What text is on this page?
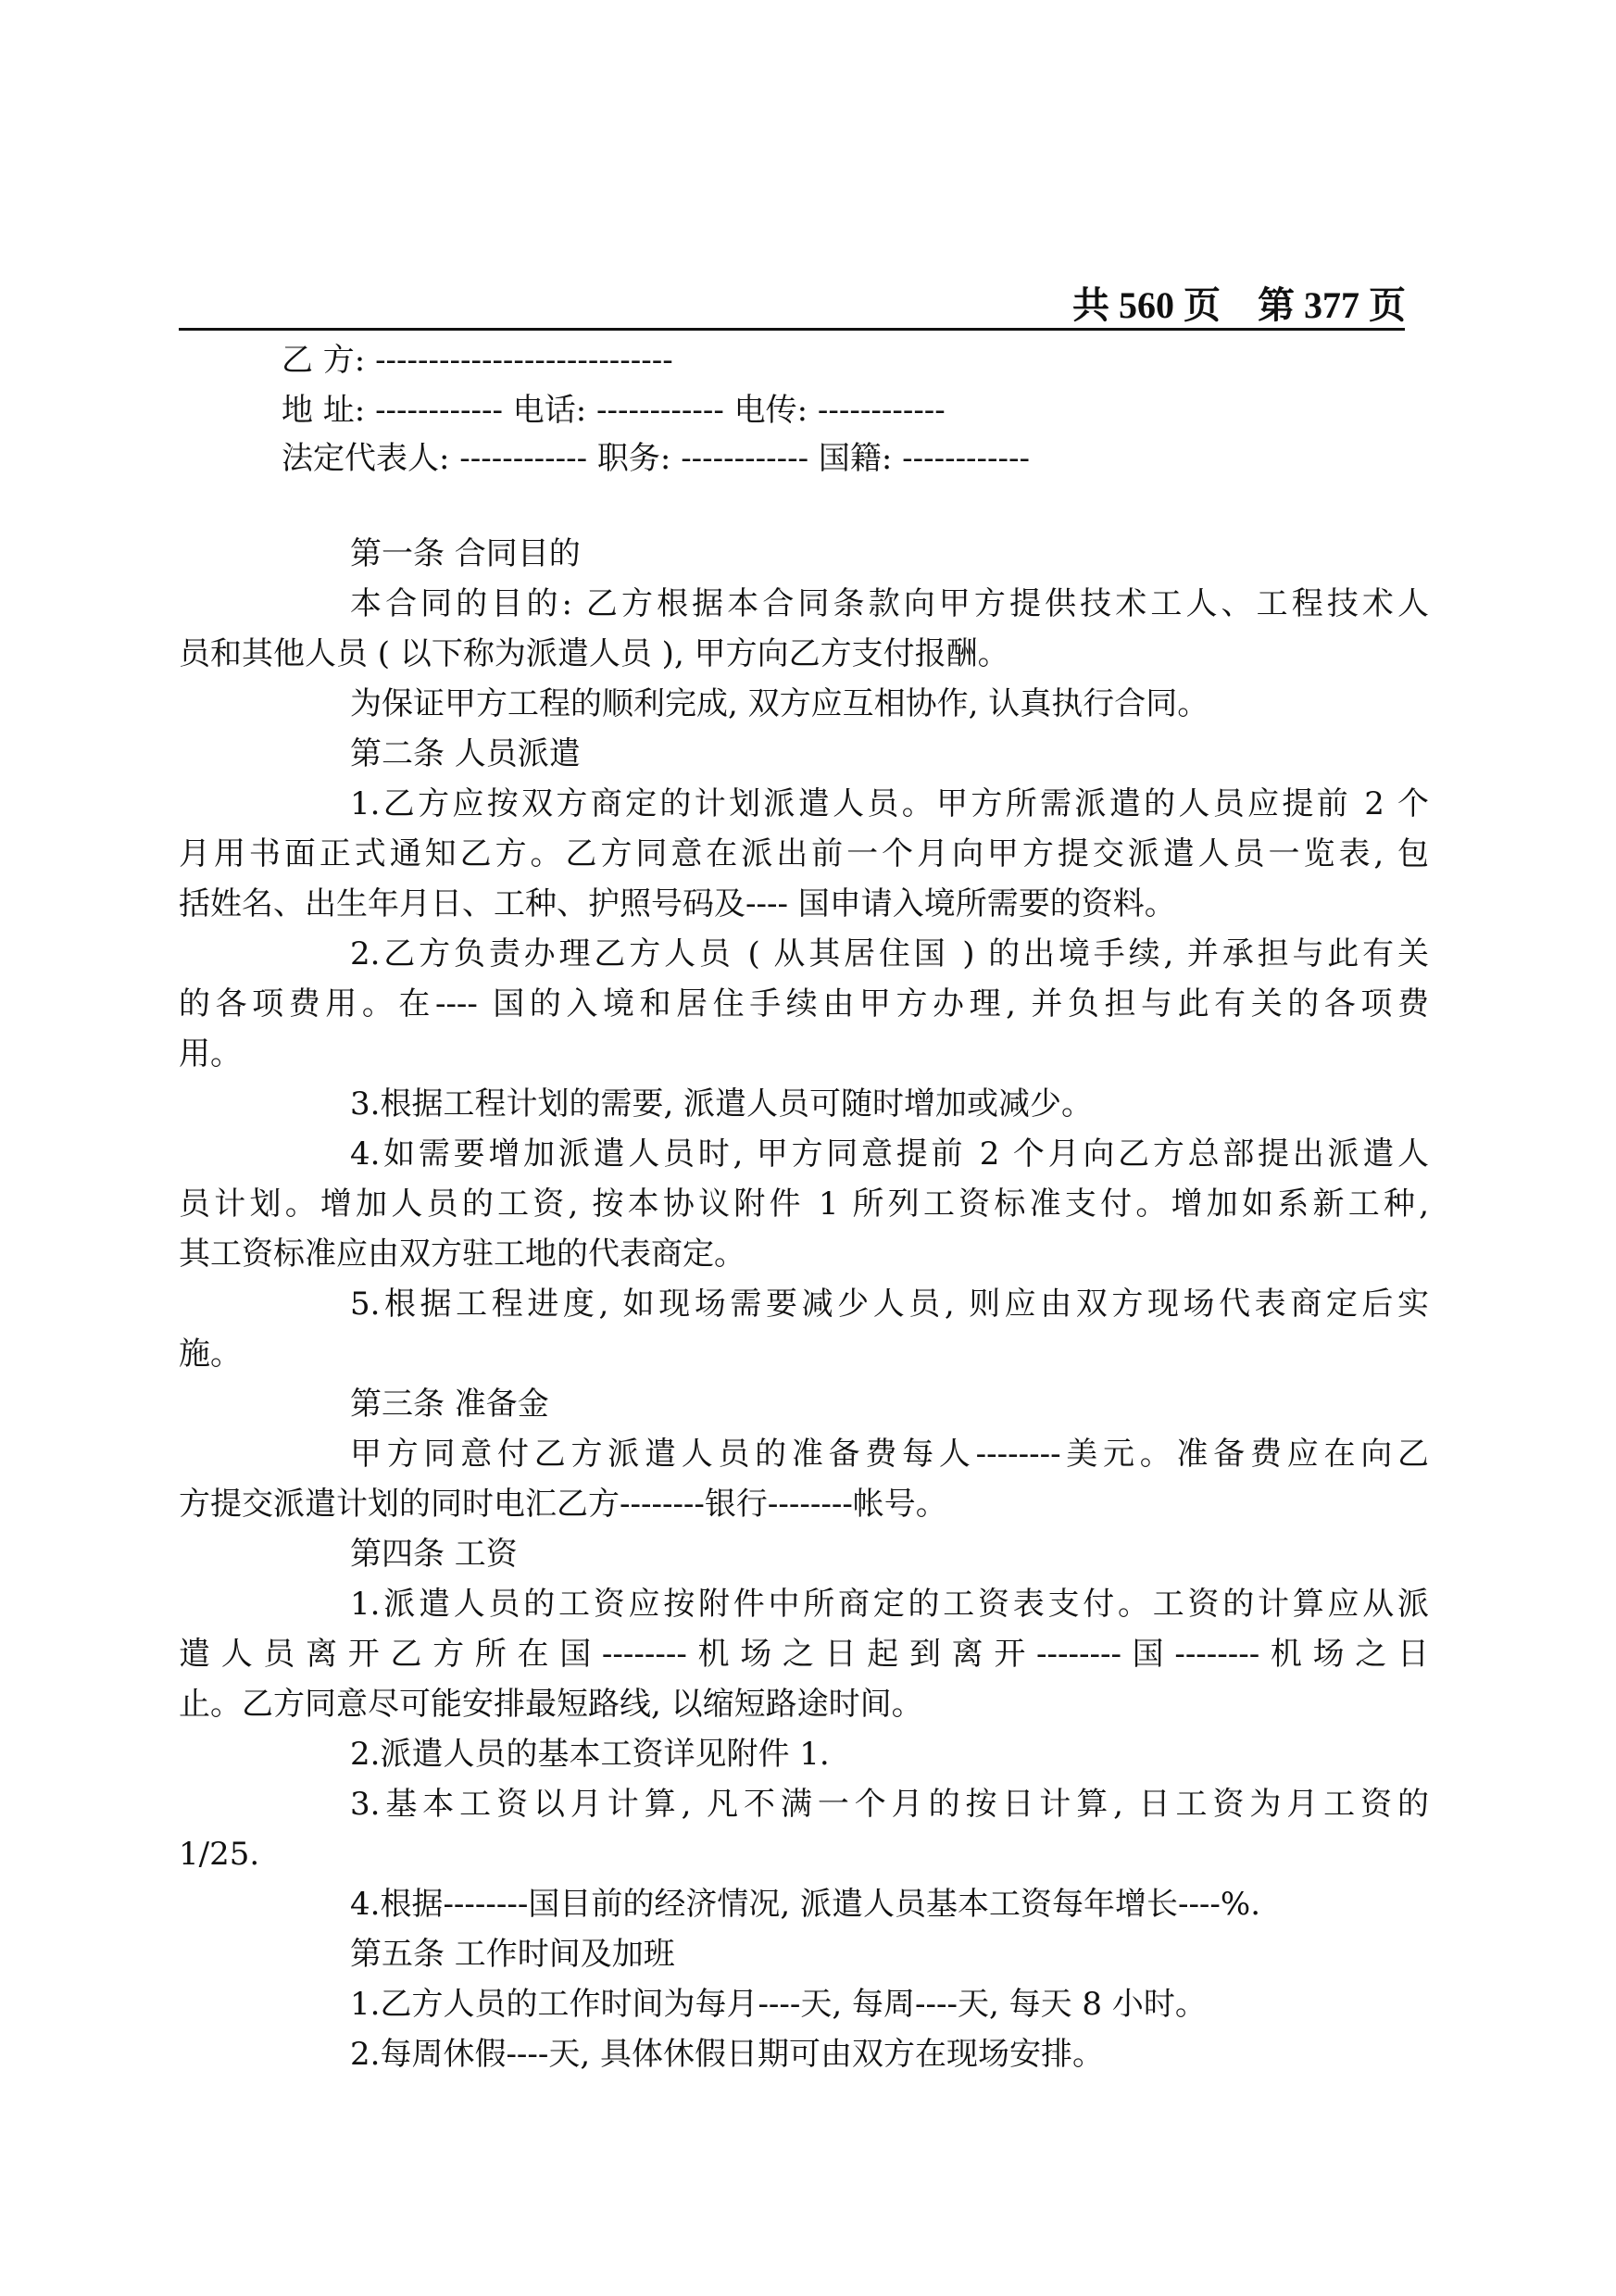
共 560 页    第 377 页
乙 方: ----------------------------
地 址: ------------ 电话: ------------ 电传: ------------
法定代表人: ------------ 职务: ------------ 国籍: ------------
第一条 合同目的
本合同的目的: 乙方根据本合同条款向甲方提供技术工人、工程技术人
员和其他人员 ( 以下称为派遣人员 ), 甲方向乙方支付报酬。
为保证甲方工程的顺利完成, 双方应互相协作, 认真执行合同。
第二条 人员派遣
1.乙方应按双方商定的计划派遣人员。甲方所需派遣的人员应提前 2 个
月用书面正式通知乙方。乙方同意在派出前一个月向甲方提交派遣人员一览表, 包
括姓名、出生年月日、工种、护照号码及---- 国申请入境所需要的资料。
2.乙方负责办理乙方人员 ( 从其居住国 ) 的出境手续, 并承担与此有关
的各项费用。在---- 国的入境和居住手续由甲方办理, 并负担与此有关的各项费
用。
3.根据工程计划的需要, 派遣人员可随时增加或减少。
4.如需要增加派遣人员时, 甲方同意提前 2 个月向乙方总部提出派遣人
员计划。增加人员的工资, 按本协议附件 1 所列工资标准支付。增加如系新工种,
其工资标准应由双方驻工地的代表商定。
5.根据工程进度, 如现场需要减少人员, 则应由双方现场代表商定后实
施。
第三条 准备金
甲方同意付乙方派遣人员的准备费每人--------美元。准备费应在向乙
方提交派遣计划的同时电汇乙方--------银行--------帐号。
第四条 工资
1.派遣人员的工资应按附件中所商定的工资表支付。工资的计算应从派
遣人员离开乙方所在国--------机场之日起到离开--------国--------机场之日
止。乙方同意尽可能安排最短路线, 以缩短路途时间。
2.派遣人员的基本工资详见附件 1.
3.基本工资以月计算, 凡不满一个月的按日计算, 日工资为月工资的
1/25.
4.根据--------国目前的经济情况, 派遣人员基本工资每年增长----%.
第五条 工作时间及加班
1.乙方人员的工作时间为每月----天, 每周----天, 每天 8 小时。
2.每周休假----天, 具体休假日期可由双方在现场安排。
